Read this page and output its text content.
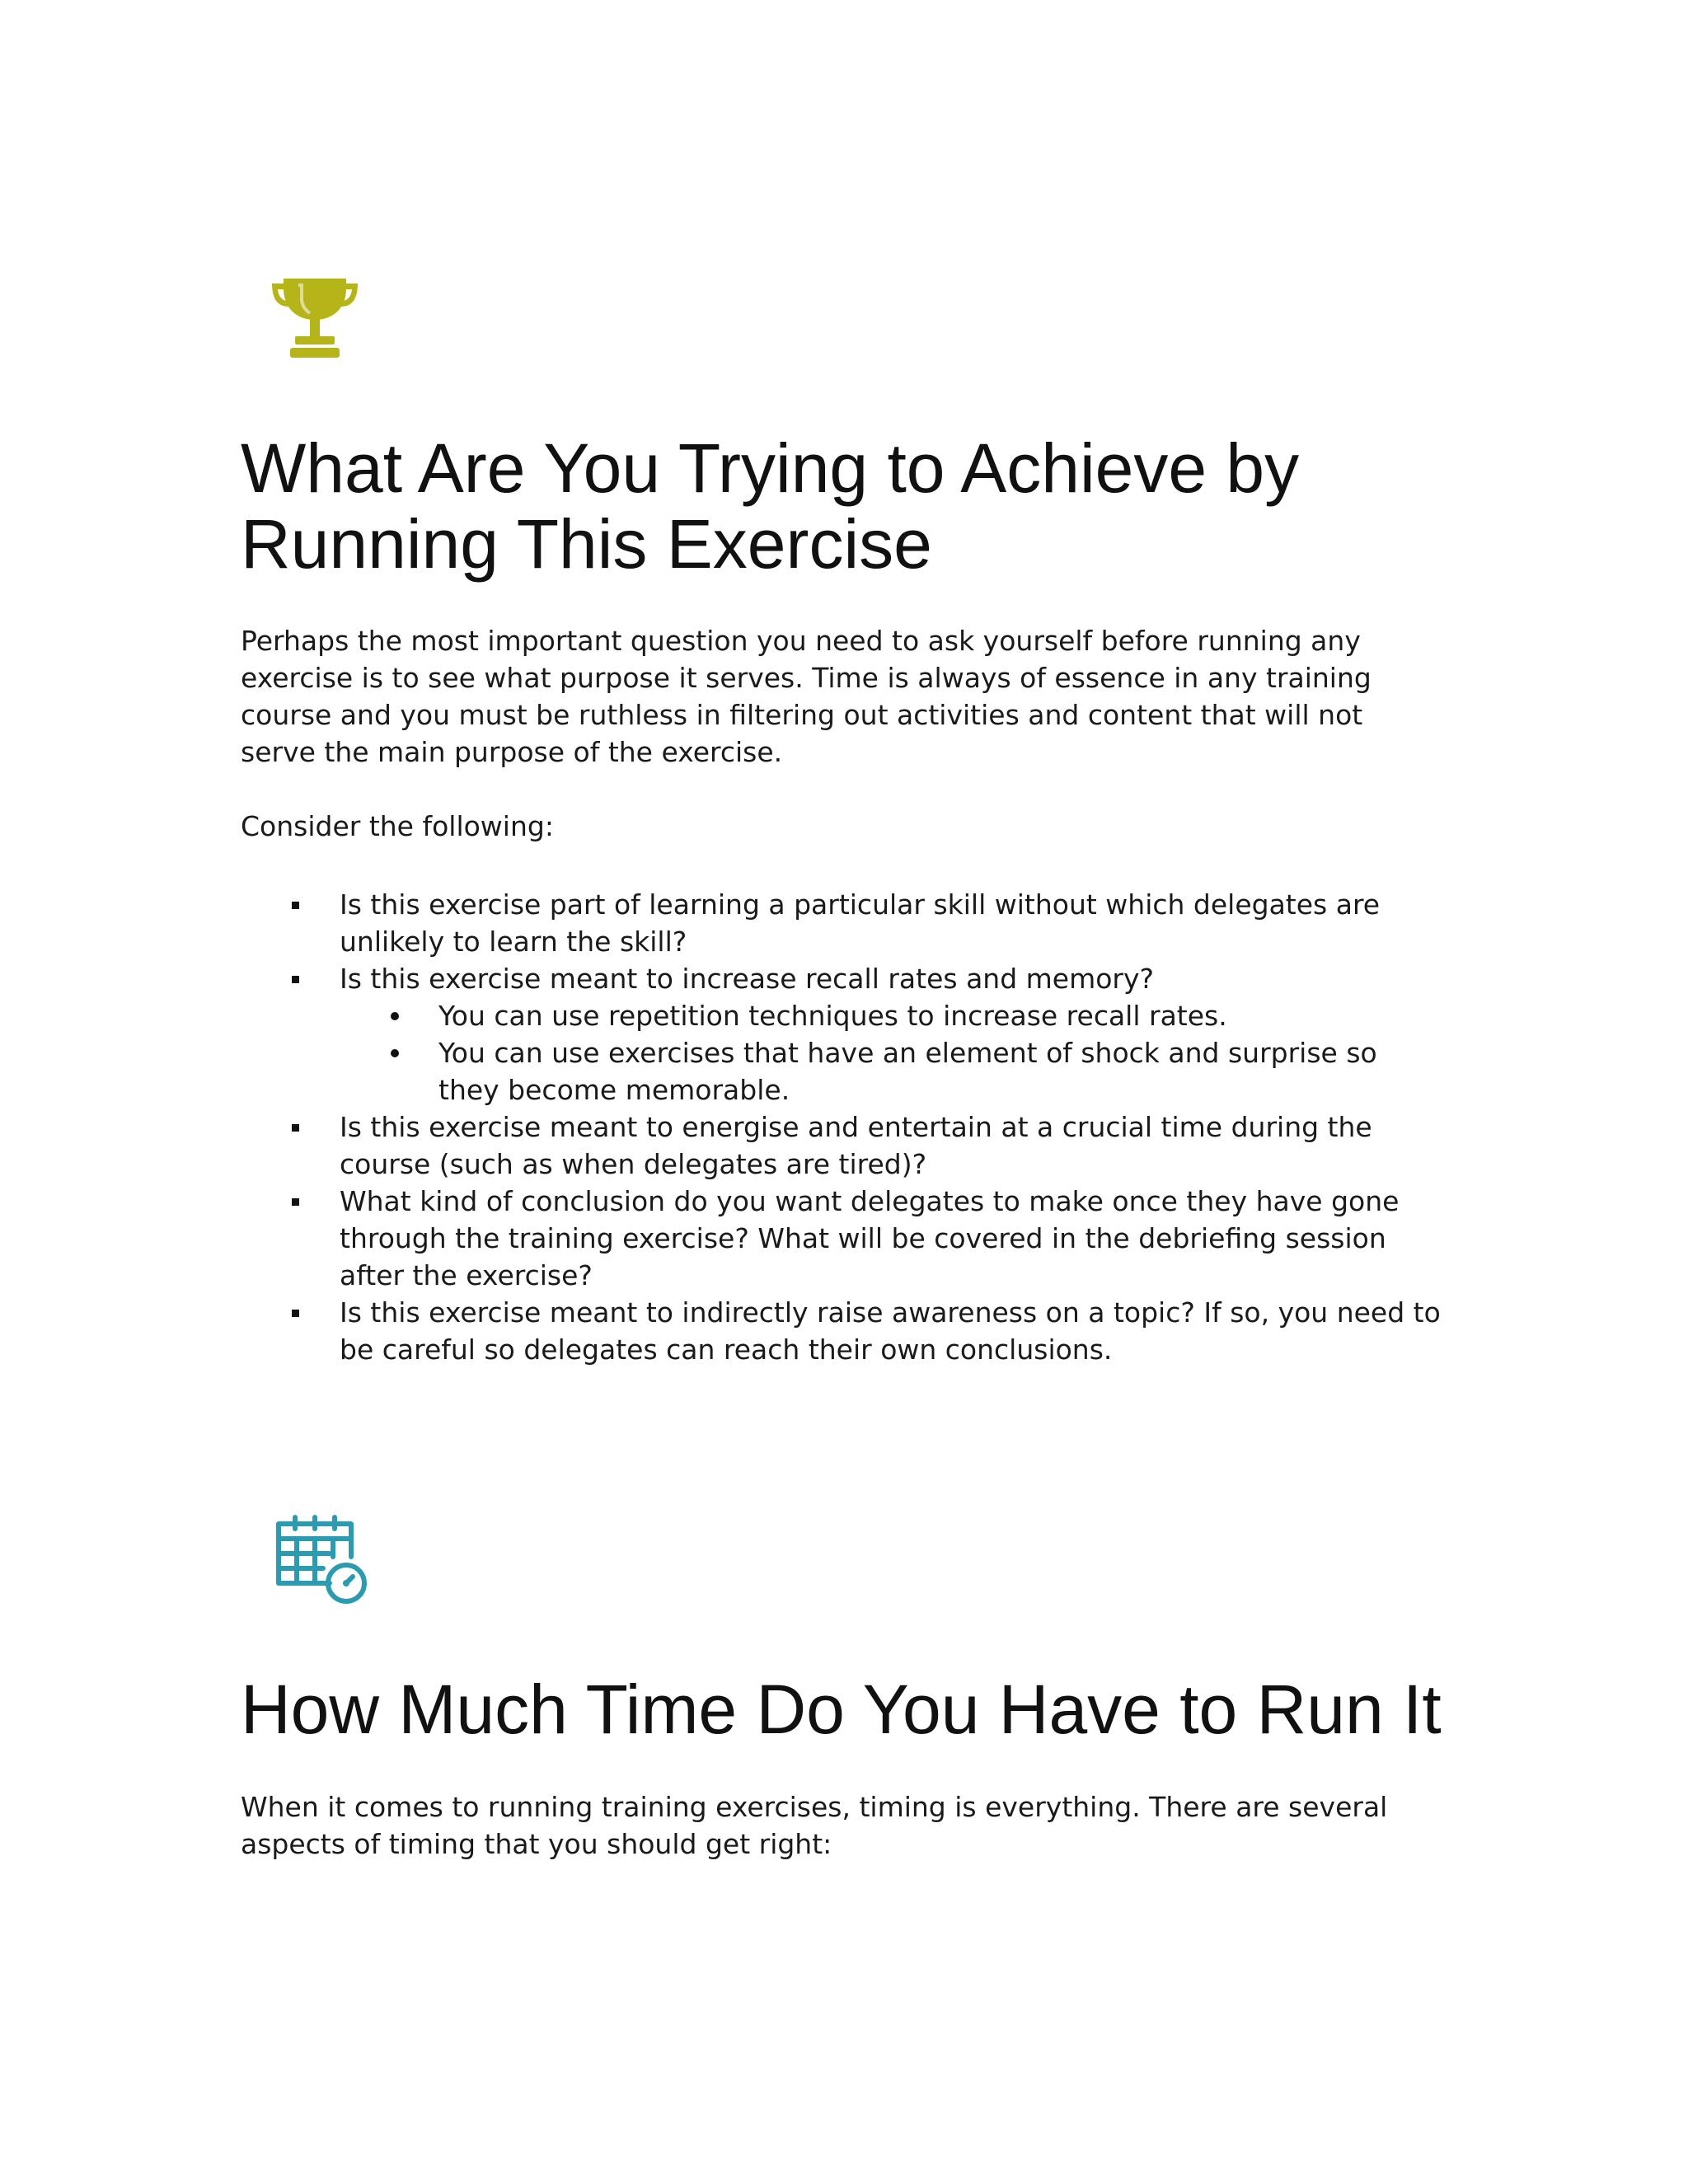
What Are You Trying to Achieve by
Running This Exercise

Perhaps the most important question you need to ask yourself before running any exercise is to see what purpose it serves. Time is always of essence in any training course and you must be ruthless in filtering out activities and content that will not serve the main purpose of the exercise.

Consider the following:

Is this exercise part of learning a particular skill without which delegates are unlikely to learn the skill?
Is this exercise meant to increase recall rates and memory?
You can use repetition techniques to increase recall rates.
You can use exercises that have an element of shock and surprise so they become memorable.
Is this exercise meant to energise and entertain at a crucial time during the course (such as when delegates are tired)?
What kind of conclusion do you want delegates to make once they have gone through the training exercise? What will be covered in the debriefing session after the exercise?
Is this exercise meant to indirectly raise awareness on a topic? If so, you need to be careful so delegates can reach their own conclusions.
How Much Time Do You Have to Run It

When it comes to running training exercises, timing is everything. There are several aspects of timing that you should get right:
